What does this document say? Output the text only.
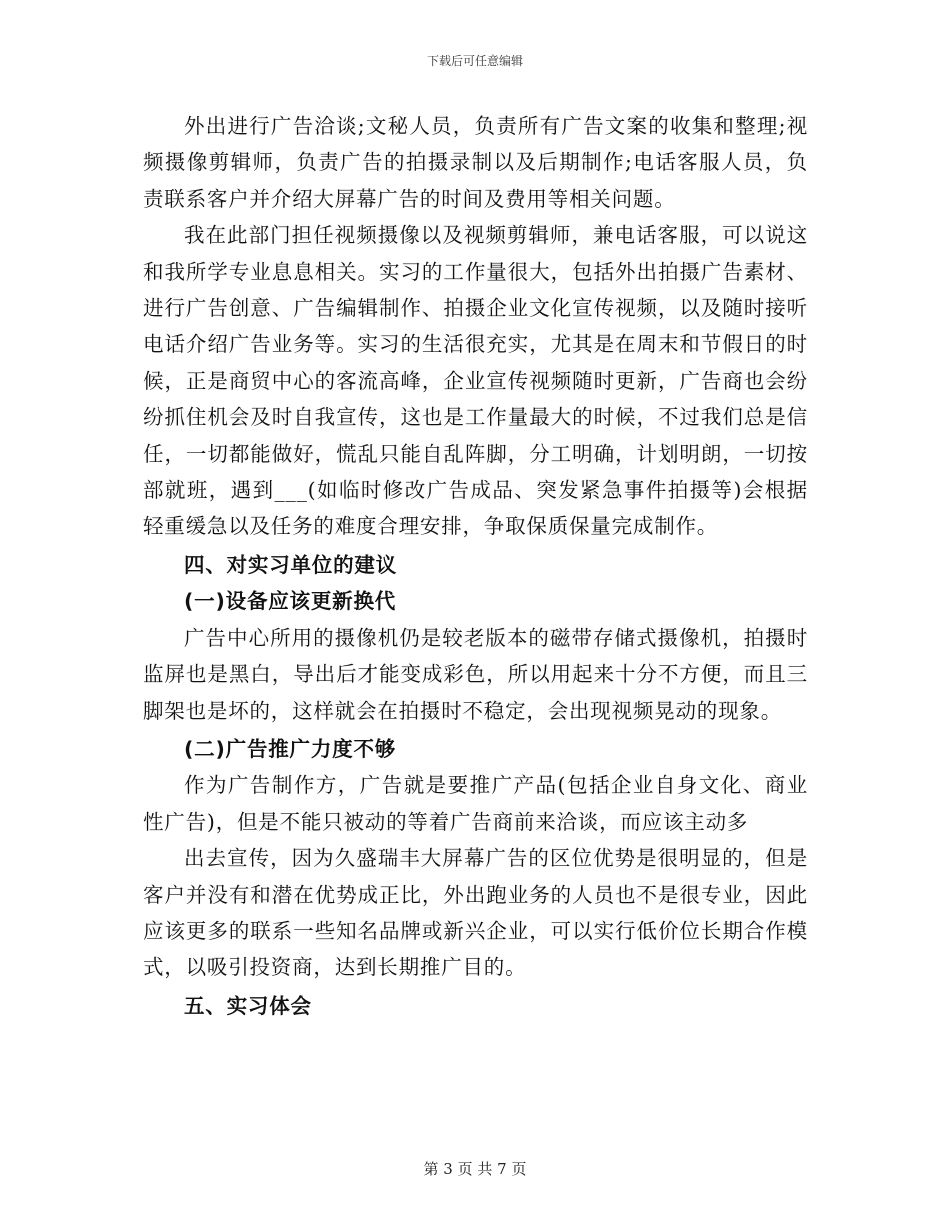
下载后可任意编辑

外出进行广告洽谈;文秘人员，负责所有广告文案的收集和整理;视频摄像剪辑师，负责广告的拍摄录制以及后期制作;电话客服人员，负责联系客户并介绍大屏幕广告的时间及费用等相关问题。

我在此部门担任视频摄像以及视频剪辑师，兼电话客服，可以说这和我所学专业息息相关。实习的工作量很大，包括外出拍摄广告素材、进行广告创意、广告编辑制作、拍摄企业文化宣传视频，以及随时接听电话介绍广告业务等。实习的生活很充实，尤其是在周末和节假日的时候，正是商贸中心的客流高峰，企业宣传视频随时更新，广告商也会纷纷抓住机会及时自我宣传，这也是工作量最大的时候，不过我们总是信任，一切都能做好，慌乱只能自乱阵脚，分工明确，计划明朗，一切按部就班，遇到___(如临时修改广告成品、突发紧急事件拍摄等)会根据轻重缓急以及任务的难度合理安排，争取保质保量完成制作。

四、对实习单位的建议

(一)设备应该更新换代

广告中心所用的摄像机仍是较老版本的磁带存储式摄像机，拍摄时监屏也是黑白，导出后才能变成彩色，所以用起来十分不方便，而且三脚架也是坏的，这样就会在拍摄时不稳定，会出现视频晃动的现象。

(二)广告推广力度不够

作为广告制作方，广告就是要推广产品(包括企业自身文化、商业性广告)，但是不能只被动的等着广告商前来洽谈，而应该主动多

出去宣传，因为久盛瑞丰大屏幕广告的区位优势是很明显的，但是客户并没有和潜在优势成正比，外出跑业务的人员也不是很专业，因此应该更多的联系一些知名品牌或新兴企业，可以实行低价位长期合作模式，以吸引投资商，达到长期推广目的。

五、实习体会

第 3 页 共 7 页
